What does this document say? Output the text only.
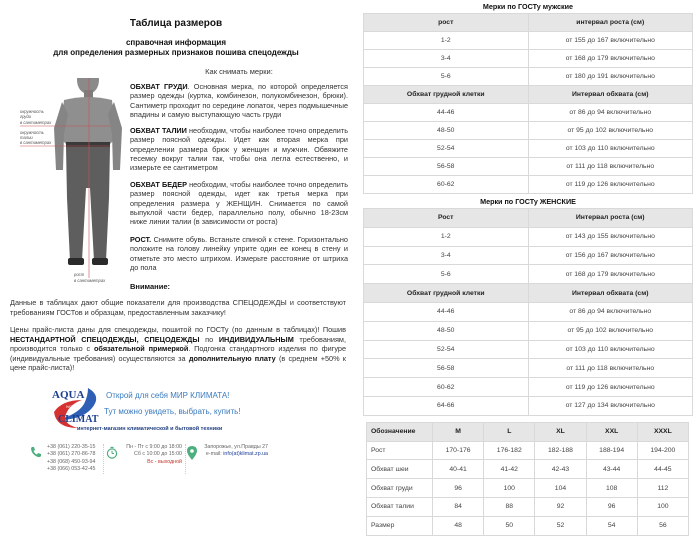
Таблица размеров
справочная информация
для определения размерных признаков пошива спецодежды
Как снимать мерки:
окружность
груди
в сантиметрах
окружность
талии
в сантиметрах
рост
в сантиметрах
ОБХВАТ ГРУДИ. Основная мерка, по которой определяется размер одежды (куртка, комбинезон, полукомбинезон, брюки). Сантиметр проходит по середине лопаток, через подмышечные впадины и самую выступающую часть груди
ОБХВАТ ТАЛИИ необходим, чтобы наиболее точно определить размер поясной одежды. Идет как вторая мерка при определении размера брюк у женщин и мужчин. Обвяжите тесемку вокруг талии так, чтобы она легла естественно, и измерьте ее сантиметром
ОБХВАТ БЕДЕР необходим, чтобы наиболее точно определить размер поясной одежды, идет как третья мерка при определения размера у ЖЕНЩИН. Снимается по самой выпуклой части бедер, параллельно полу, обычно 18-23см ниже линии талии (в зависимости от роста)
РОСТ. Снимите обувь. Встаньте спиной к стене. Горизонтально положите на голову линейку уприте один ее конец в стену и отметьте это место штрихом. Измерьте расстояние от штриха до пола
Внимание:
Данные в таблицах дают общие показатели для производства СПЕЦОДЕЖДЫ и соответствуют требованиям ГОСТов и образцам, предоставленным заказчику!
Цены прайс-листа даны для спецодежды, пошитой по ГОСТу (по данным в таблицах)! Пошив НЕСТАНДАРТНОЙ СПЕЦОДЕЖДЫ, СПЕЦОДЕЖДЫ по ИНДИВИДУАЛЬНЫМ требованиям, производится только с обязательной примеркой. Подгонка стандартного изделия по фигуре (индивидуальные требования) осуществляются за дополнительную плату (в среднем +50% к цене прайс-листа)!
AQUA
world
CLIMAT
Открой для себя МИР КЛИМАТА!
Тут можно увидеть, выбрать, купить!
интернет-магазин климатической и бытовой техники
+38 (061) 220-35-15
+38 (061) 270-86-78
+38 (068) 450-93-94
+38 (066) 053-42-45
Пн - Пт с 9:00 до 18:00
Сб с 10:00 до 15:00
Вс - выходной
Запорожье, ул.Правды 27
e-mail: info(at)klimat.zp.ua
Мерки по ГОСТу мужские
рост	интервал роста (см)
1-2	от 155 до 167 включительно
3-4	от 168 до 179 включительно
5-6	от 180 до 191 включительно
Обхват грудной клетки	Интервал обхвата (см)
44-46	от 86 до 94 включительно
48-50	от 95 до 102 включительно
52-54	от 103 до 110 включительно
56-58	от 111 до 118 включительно
60-62	от 119 до 126 включительно
Мерки по ГОСТу ЖЕНСКИЕ
Рост	Интервал роста (см)
1-2	от 143 до 155 включительно
3-4	от 156 до 167 включительно
5-6	от 168 до 179 включительно
Обхват грудной клетки	Интервал обхвата (см)
44-46	от 86 до 94 включительно
48-50	от 95 до 102 включительно
52-54	от 103 до 110 включительно
56-58	от 111 до 118 включительно
60-62	от 119 до 126 включительно
64-66	от 127 до 134 включительно
Обозначение	M	L	XL	XXL	XXXL
Рост	170-176	176-182	182-188	188-194	194-200
Обхват шеи	40-41	41-42	42-43	43-44	44-45
Обхват груди	96	100	104	108	112
Обхват талии	84	88	92	96	100
Размер	48	50	52	54	56
